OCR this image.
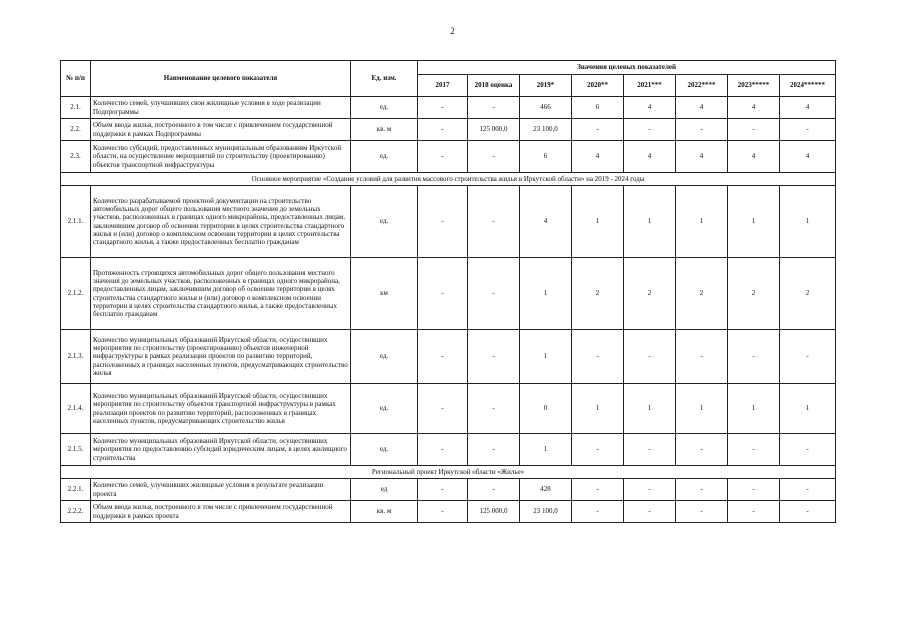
2
№ п/п	Наименование целевого показателя	Ед. изм.	Значения целевых показателей							
			2017	2018 оценка	2019*	2020**	2021***	2022****	2023*****	2024******
2.1.	Количество семей, улучшивших свои жилищные условия в ходе реализации Подпрограммы	ед.	-	-	466	6	4	4	4	4
2.2.	Объем ввода жилья, построенного в том числе с привлечением государственной поддержки в рамках Подпрограммы	кв. м	-	125 000,0	23 100,0	-	-	-	-	-
2.3.	Количество субсидий, предоставленных муниципальным образованиям Иркутской области, на осуществление мероприятий по строительству (проектированию) объектов транспортной инфраструктуры	ед.	-	-	6	4	4	4	4	4
Основное мероприятие «Создание условий для развития массового строительства жилья в Иркутской области» на 2019 - 2024 годы										
2.1.1.	Количество разрабатываемой проектной документации на строительство автомобильных дорог общего пользования местного значения до земельных участков, расположенных в границах одного микрорайона, предоставленных лицам, заключившим договор об освоении территории в целях строительства стандартного жилья и (или) договор о комплексном освоении территории в целях строительства стандартного жилья, а также предоставленных бесплатно гражданам	ед.	-	-	4	1	1	1	1	1
2.1.2.	Протяженность строящихся автомобильных дорог общего пользования местного значения до земельных участков, расположенных в границах одного микрорайона, предоставленных лицам, заключившим договор об освоении территории в целях строительства стандартного жилья и (или) договор о комплексном освоении территории в целях строительства стандартного жилья, а также предоставленных бесплатно гражданам	км	-	-	1	2	2	2	2	2
2.1.3.	Количество муниципальных образований Иркутской области, осуществивших мероприятия по строительству (проектированию) объектов инженерной инфраструктуры в рамках реализации проектов по развитию территорий, расположенных в границах населенных пунктов, предусматривающих строительство жилья	ед.	-	-	1	-	-	-	-	-
2.1.4.	Количество муниципальных образований Иркутской области, осуществивших мероприятия по строительству объектов транспортной инфраструктуры в рамках реализации проектов по развитию территорий, расположенных в границах населенных пунктов, предусматривающих строительство жилья	ед.	-	-	0	1	1	1	1	1
2.1.5.	Количество муниципальных образований Иркутской области, осуществивших мероприятия по предоставлению субсидий юридическим лицам, в целях жилищного строительства	ед.	-	-	1	-	-	-	-	-
Региональный проект Иркутской области «Жилье»										
2.2.1.	Количество семей, улучшивших жилищные условия в результате реализации проекта	ед	-	-	428	-	-	-	-	-
2.2.2.	Объем ввода жилья, построенного в том числе с привлечением государственной поддержки в рамках проекта	кв. м	-	125 000,0	23 100,0	-	-	-	-	-
